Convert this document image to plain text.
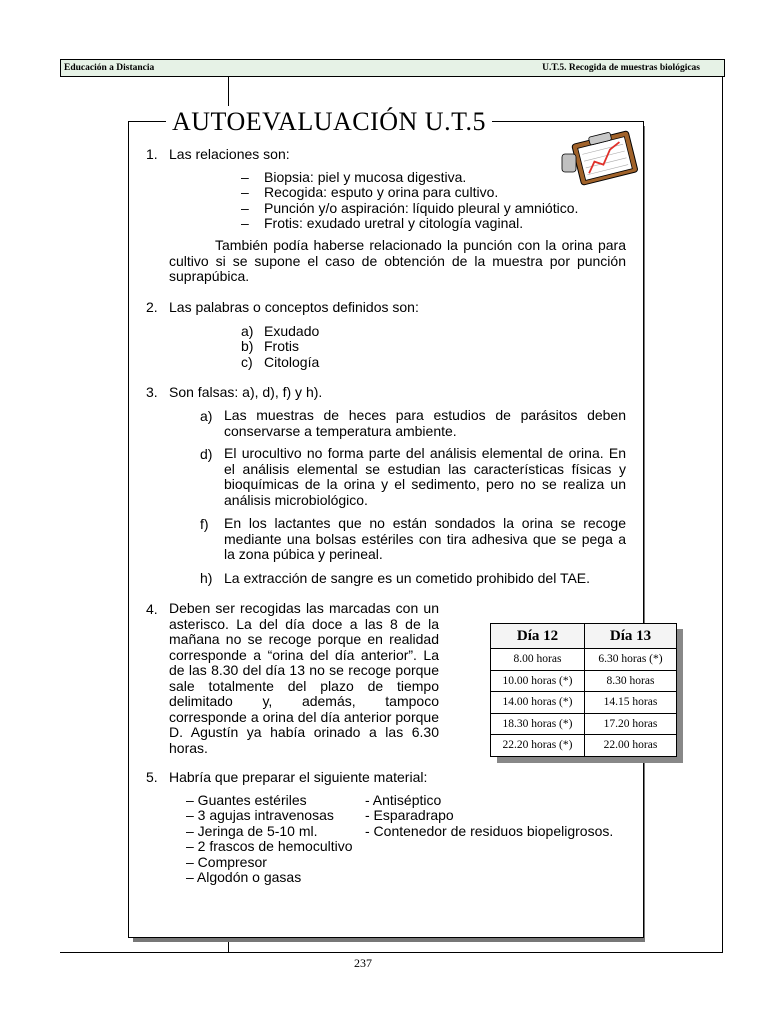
Educación a Distancia	U.T.5. Recogida de muestras biológicas
AUTOEVALUACIÓN U.T.5
1. Las relaciones son:
– Biopsia: piel y mucosa digestiva.
– Recogida: esputo y orina para cultivo.
– Punción y/o aspiración: líquido pleural y amniótico.
– Frotis: exudado uretral y citología vaginal.
También podía haberse relacionado la punción con la orina para cultivo si se supone el caso de obtención de la muestra por punción suprapúbica.
2. Las palabras o conceptos definidos son:
a) Exudado
b) Frotis
c) Citología
3. Son falsas: a), d), f) y h).
a) Las muestras de heces para estudios de parásitos deben conservarse a temperatura ambiente.
d) El urocultivo no forma parte del análisis elemental de orina. En el análisis elemental se estudian las características físicas y bioquímicas de la orina y el sedimento, pero no se realiza un análisis microbiológico.
f) En los lactantes que no están sondados la orina se recoge mediante una bolsas estériles con tira adhesiva que se pega a la zona púbica y perineal.
h) La extracción de sangre es un cometido prohibido del TAE.
4. Deben ser recogidas las marcadas con un asterisco. La del día doce a las 8 de la mañana no se recoge porque en realidad corresponde a “orina del día anterior”. La de las 8.30 del día 13 no se recoge porque sale totalmente del plazo de tiempo delimitado y, además, tampoco corresponde a orina del día anterior porque D. Agustín ya había orinado a las 6.30 horas.
Día 12	Día 13
8.00 horas	6.30 horas (*)
10.00 horas (*)	8.30 horas
14.00 horas (*)	14.15 horas
18.30 horas (*)	17.20 horas
22.20 horas (*)	22.00 horas
5. Habría que preparar el siguiente material:
– Guantes estériles
– 3 agujas intravenosas
– Jeringa de 5-10 ml.
– 2 frascos de hemocultivo
– Compresor
– Algodón o gasas
- Antiséptico
- Esparadrapo
- Contenedor de residuos biopeligrosos.
237
